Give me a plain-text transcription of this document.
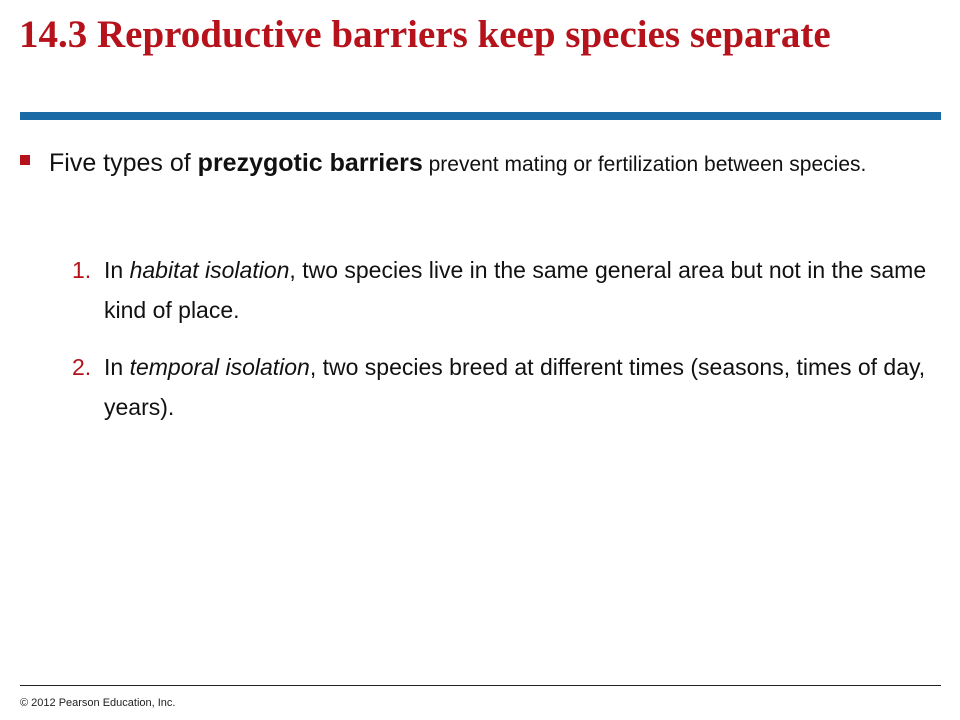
14.3 Reproductive barriers keep species separate
Five types of prezygotic barriers prevent mating or fertilization between species.
1. In habitat isolation, two species live in the same general area but not in the same kind of place.
2. In temporal isolation, two species breed at different times (seasons, times of day, years).
© 2012 Pearson Education, Inc.
